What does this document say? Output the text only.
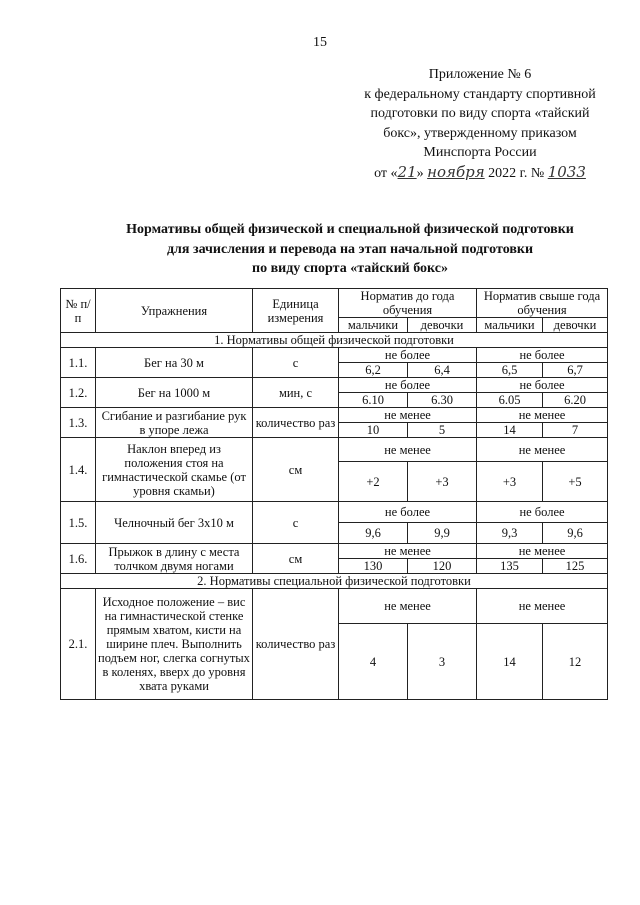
15
Приложение № 6
к федеральному стандарту спортивной
подготовки по виду спорта «тайский
бокс», утвержденному приказом
Минспорта России
от «21» ноября 2022 г. № 1033
Нормативы общей физической и специальной физической подготовки
для зачисления и перевода на этап начальной подготовки
по виду спорта «тайский бокс»
№ п/п	Упражнения	Единица измерения	Норматив до года обучения		Норматив свыше года обучения	
			мальчики	девочки	мальчики	девочки
1. Нормативы общей физической подготовки						
1.1.	Бег на 30 м	с	не более		не более	
			6,2	6,4	6,5	6,7
1.2.	Бег на 1000 м	мин, с	не более		не более	
			6.10	6.30	6.05	6.20
1.3.	Сгибание и разгибание рук в упоре лежа	количество раз	не менее		не менее	
			10	5	14	7
1.4.	Наклон вперед из положения стоя на гимнастической скамье (от уровня скамьи)	см	не менее		не менее	
			+2	+3	+3	+5
1.5.	Челночный бег 3х10 м	с	не более		не более	
			9,6	9,9	9,3	9,6
1.6.	Прыжок в длину с места толчком двумя ногами	см	не менее		не менее	
			130	120	135	125
2. Нормативы специальной физической подготовки						
2.1.	Исходное положение – вис на гимнастической стенке прямым хватом, кисти на ширине плеч. Выполнить подъем ног, слегка согнутых в коленях, вверх до уровня хвата руками	количество раз	не менее		не менее	
			4	3	14	12
